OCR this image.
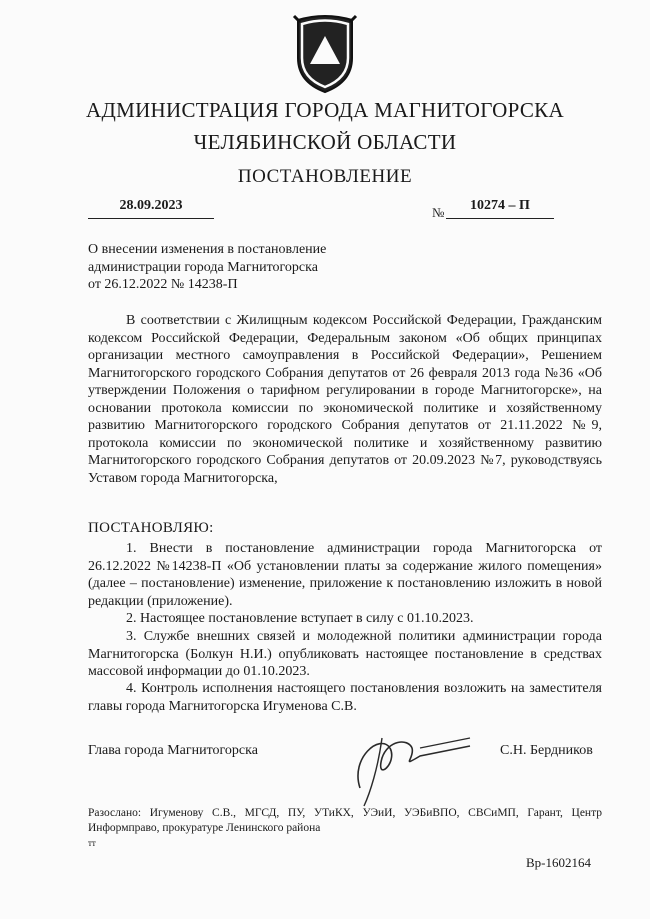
АДМИНИСТРАЦИЯ ГОРОДА МАГНИТОГОРСКА
ЧЕЛЯБИНСКОЙ ОБЛАСТИ
ПОСТАНОВЛЕНИЕ
28.09.2023	№	10274 – П
О внесении изменения в постановление
администрации города Магнитогорска
от 26.12.2022 № 14238-П
В соответствии с Жилищным кодексом Российской Федерации, Гражданским кодексом Российской Федерации, Федеральным законом «Об общих принципах организации местного самоуправления в Российской Федерации», Решением Магнитогорского городского Собрания депутатов от 26 февраля 2013 года №36 «Об утверждении Положения о тарифном регулировании в городе Магнитогорске», на основании протокола комиссии по экономической политике и хозяйственному развитию Магнитогорского городского Собрания депутатов от 21.11.2022 №9, протокола комиссии по экономической политике и хозяйственному развитию Магнитогорского городского Собрания депутатов от 20.09.2023 №7, руководствуясь Уставом города Магнитогорска,
ПОСТАНОВЛЯЮ:
1. Внести в постановление администрации города Магнитогорска от 26.12.2022 №14238-П «Об установлении платы за содержание жилого помещения» (далее – постановление) изменение, приложение к постановлению изложить в новой редакции (приложение).
2. Настоящее постановление вступает в силу с 01.10.2023.
3. Службе внешних связей и молодежной политики администрации города Магнитогорска (Болкун Н.И.) опубликовать настоящее постановление в средствах массовой информации до 01.10.2023.
4. Контроль исполнения настоящего постановления возложить на заместителя главы города Магнитогорска Игуменова С.В.
Глава города Магнитогорска	С.Н. Бердников
Разослано: Игуменову С.В., МГСД, ПУ, УТиКХ, УЭиИ, УЭБиВПО, СВСиМП, Гарант, Центр Информправо, прокуратуре Ленинского района
тт
Вр-1602164
